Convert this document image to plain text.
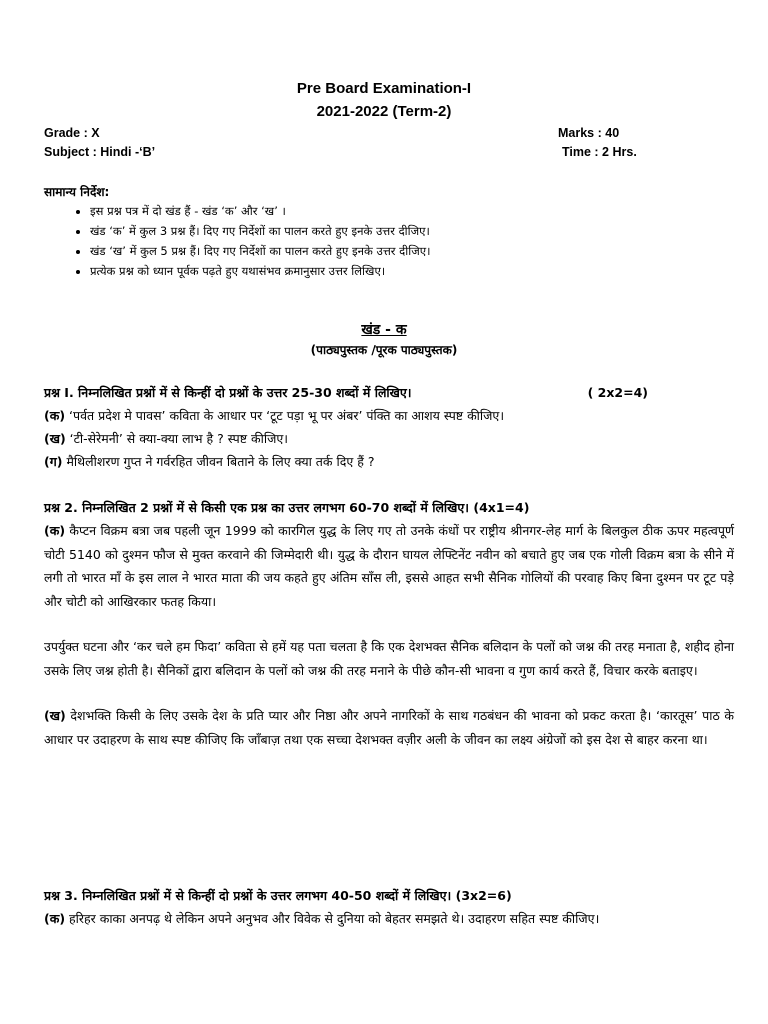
Pre Board Examination-I
2021-2022 (Term-2)
Grade : X
Subject : Hindi -‘B’
Marks : 40
Time : 2 Hrs.
सामान्य निर्देश:
• इस प्रश्न पत्र में दो खंड हैं - खंड ‘क’ और ‘ख’ ।
• खंड ‘क’ में कुल 3 प्रश्न हैं। दिए गए निर्देशों का पालन करते हुए इनके उत्तर दीजिए।
• खंड ‘ख’ में कुल 5 प्रश्न हैं। दिए गए निर्देशों का पालन करते हुए इनके उत्तर दीजिए।
• प्रत्येक प्रश्न को ध्यान पूर्वक पढ़ते हुए यथासंभव क्रमानुसार उत्तर लिखिए।
खंड - क
(पाठ्यपुस्तक /पूरक पाठ्यपुस्तक)
प्रश्न I. निम्नलिखित प्रश्नों में से किन्हीं दो प्रश्नों के उत्तर 25-30 शब्दों में लिखिए।	( 2x2=4)
(क) ‘पर्वत प्रदेश मे पावस’ कविता के आधार पर ‘टूट पड़ा भू पर अंबर’ पंक्ति का आशय स्पष्ट कीजिए।
(ख) ‘टी-सेरेमनी’ से क्या-क्या लाभ है ? स्पष्ट कीजिए।
(ग) मैथिलीशरण गुप्त ने गर्वरहित जीवन बिताने के लिए क्या तर्क दिए हैं ?
प्रश्न 2. निम्नलिखित 2 प्रश्नों में से किसी एक प्रश्न का उत्तर लगभग 60-70 शब्दों में लिखिए। (4x1=4)
(क) कैप्टन विक्रम बत्रा जब पहली जून 1999 को कारगिल युद्ध के लिए गए तो उनके कंधों पर राष्ट्रीय श्रीनगर-लेह मार्ग के बिलकुल ठीक ऊपर महत्वपूर्ण चोटी 5140 को दुश्मन फौज से मुक्त करवाने की जिम्मेदारी थी। युद्ध के दौरान घायल लेफ्टिनेंट नवीन को बचाते हुए जब एक गोली विक्रम बत्रा के सीने में लगी तो भारत माँ के इस लाल ने भारत माता की जय कहते हुए अंतिम साँस ली, इससे आहत सभी सैनिक गोलियों की परवाह किए बिना दुश्मन पर टूट पड़े और चोटी को आखिरकार फतह किया।
उपर्युक्त घटना और ‘कर चले हम फिदा’ कविता से हमें यह पता चलता है कि एक देशभक्त सैनिक बलिदान के पलों को जश्न की तरह मनाता है, शहीद होना उसके लिए जश्न होती है। सैनिकों द्वारा बलिदान के पलों को जश्न की तरह मनाने के पीछे कौन-सी भावना व गुण कार्य करते हैं, विचार करके बताइए।
(ख) देशभक्ति किसी के लिए उसके देश के प्रति प्यार और निष्ठा और अपने नागरिकों के साथ गठबंधन की भावना को प्रकट करता है। ‘कारतूस’ पाठ के आधार पर उदाहरण के साथ स्पष्ट कीजिए कि जाँबाज़ तथा एक सच्चा देशभक्त वज़ीर अली के जीवन का लक्ष्य अंग्रेजों को इस देश से बाहर करना था।
प्रश्न 3. निम्नलिखित प्रश्नों में से किन्हीं दो प्रश्नों के उत्तर लगभग 40-50 शब्दों में लिखिए। (3x2=6)
(क) हरिहर काका अनपढ़ थे लेकिन अपने अनुभव और विवेक से दुनिया को बेहतर समझते थे। उदाहरण सहित स्पष्ट कीजिए।
